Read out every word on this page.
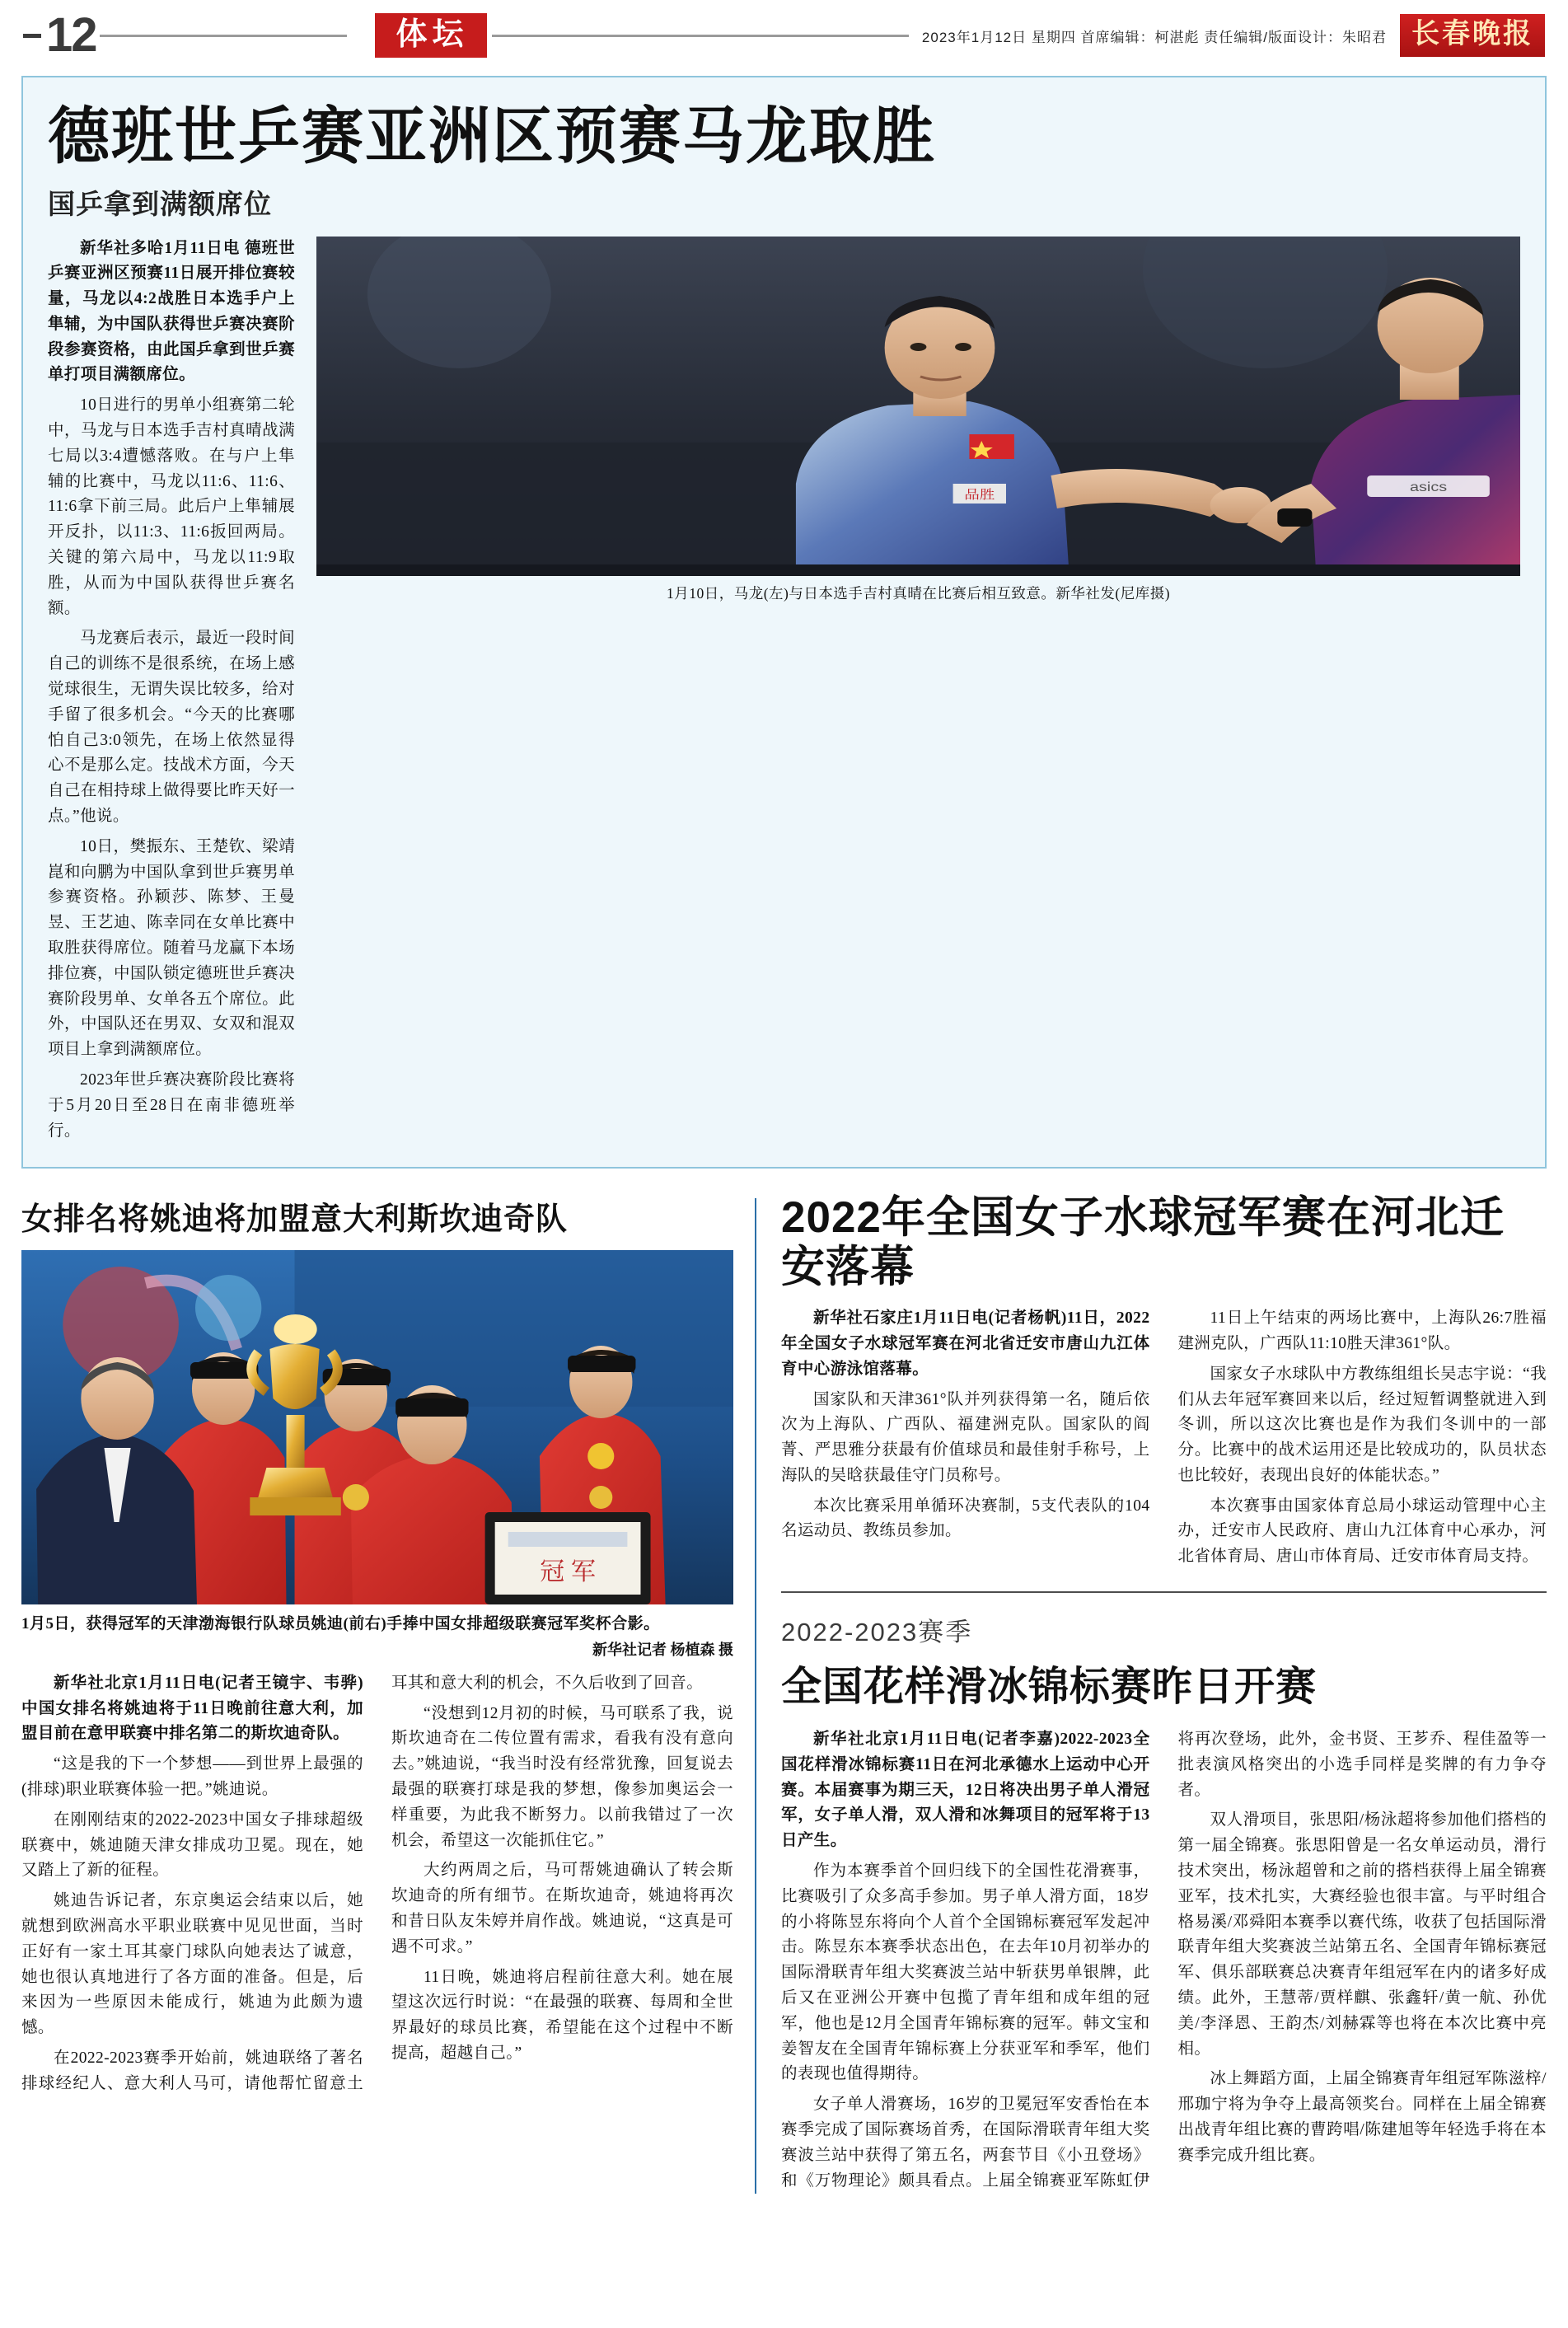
12	体坛	2023年1月12日 星期四 首席编辑：柯湛彪 责任编辑/版面设计：朱昭君 长春晚报
德班世乒赛亚洲区预赛马龙取胜
国乒拿到满额席位

新华社多哈1月11日电 德班世乒赛亚洲区预赛11日展开排位赛较量，马龙以4:2战胜日本选手户上隼辅，为中国队获得世乒赛决赛阶段参赛资格，由此国乒拿到世乒赛单打项目满额席位。

10日进行的男单小组赛第二轮中，马龙与日本选手吉村真晴战满七局以3:4遭憾落败。在与户上隼辅的比赛中，马龙以11:6、11:6、11:6拿下前三局。此后户上隼辅展开反扑，以11:3、11:6扳回两局。关键的第六局中，马龙以11:9取胜，从而为中国队获得世乒赛名额。

马龙赛后表示，最近一段时间自己的训练不是很系统，在场上感觉球很生，无谓失误比较多，给对手留了很多机会。“今天的比赛哪怕自己3:0领先，在场上依然显得心不是那么定。技战术方面，今天自己在相持球上做得要比昨天好一点。”他说。

10日，樊振东、王楚钦、梁靖崑和向鹏为中国队拿到世乒赛男单参赛资格。孙颖莎、陈梦、王曼昱、王艺迪、陈幸同在女单比赛中取胜获得席位。随着马龙赢下本场排位赛，中国队锁定德班世乒赛决赛阶段男单、女单各五个席位。此外，中国队还在男双、女双和混双项目上拿到满额席位。

2023年世乒赛决赛阶段比赛将于5月20日至28日在南非德班举行。

品胜
asics
1月10日，马龙(左)与日本选手吉村真晴在比赛后相互致意。新华社发(尼库摄)
女排名将姚迪将加盟意大利斯坎迪奇队
冠 军
1月5日，获得冠军的天津渤海银行队球员姚迪(前右)手捧中国女排超级联赛冠军奖杯合影。
新华社记者 杨植森 摄

新华社北京1月11日电(记者王镜宇、韦骅)中国女排名将姚迪将于11日晚前往意大利，加盟目前在意甲联赛中排名第二的斯坎迪奇队。

“这是我的下一个梦想——到世界上最强的(排球)职业联赛体验一把。”姚迪说。

在刚刚结束的2022-2023中国女子排球超级联赛中，姚迪随天津女排成功卫冕。现在，她又踏上了新的征程。

姚迪告诉记者，东京奥运会结束以后，她就想到欧洲高水平职业联赛中见见世面，当时正好有一家土耳其豪门球队向她表达了诚意，她也很认真地进行了各方面的准备。但是，后来因为一些原因未能成行，姚迪为此颇为遗憾。

在2022-2023赛季开始前，姚迪联络了著名排球经纪人、意大利人马可，请他帮忙留意土耳其和意大利的机会，不久后收到了回音。

“没想到12月初的时候，马可联系了我，说斯坎迪奇在二传位置有需求，看我有没有意向去。”姚迪说，“我当时没有经常犹豫，回复说去最强的联赛打球是我的梦想，像参加奥运会一样重要，为此我不断努力。以前我错过了一次机会，希望这一次能抓住它。”

大约两周之后，马可帮姚迪确认了转会斯坎迪奇的所有细节。在斯坎迪奇，姚迪将再次和昔日队友朱婷并肩作战。姚迪说，“这真是可遇不可求。”

11日晚，姚迪将启程前往意大利。她在展望这次远行时说：“在最强的联赛、每周和全世界最好的球员比赛，希望能在这个过程中不断提高，超越自己。”

2022年全国女子水球冠军赛在河北迁安落幕

新华社石家庄1月11日电(记者杨帆)11日，2022年全国女子水球冠军赛在河北省迁安市唐山九江体育中心游泳馆落幕。

国家队和天津361°队并列获得第一名，随后依次为上海队、广西队、福建洲克队。国家队的阎菁、严思雅分获最有价值球员和最佳射手称号，上海队的吴晗获最佳守门员称号。

本次比赛采用单循环决赛制，5支代表队的104名运动员、教练员参加。

11日上午结束的两场比赛中，上海队26:7胜福建洲克队，广西队11:10胜天津361°队。

国家女子水球队中方教练组组长吴志宇说：“我们从去年冠军赛回来以后，经过短暂调整就进入到冬训，所以这次比赛也是作为我们冬训中的一部分。比赛中的战术运用还是比较成功的，队员状态也比较好，表现出良好的体能状态。”

本次赛事由国家体育总局小球运动管理中心主办，迁安市人民政府、唐山九江体育中心承办，河北省体育局、唐山市体育局、迁安市体育局支持。

2022-2023赛季
全国花样滑冰锦标赛昨日开赛

新华社北京1月11日电(记者李嘉)2022-2023全国花样滑冰锦标赛11日在河北承德水上运动中心开赛。本届赛事为期三天，12日将决出男子单人滑冠军，女子单人滑，双人滑和冰舞项目的冠军将于13日产生。

作为本赛季首个回归线下的全国性花滑赛事，比赛吸引了众多高手参加。男子单人滑方面，18岁的小将陈昱东将向个人首个全国锦标赛冠军发起冲击。陈昱东本赛季状态出色，在去年10月初举办的国际滑联青年组大奖赛波兰站中斩获男单银牌，此后又在亚洲公开赛中包揽了青年组和成年组的冠军，他也是12月全国青年锦标赛的冠军。韩文宝和姜智友在全国青年锦标赛上分获亚军和季军，他们的表现也值得期待。

女子单人滑赛场，16岁的卫冕冠军安香怡在本赛季完成了国际赛场首秀，在国际滑联青年组大奖赛波兰站中获得了第五名，两套节目《小丑登场》和《万物理论》颇具看点。上届全锦赛亚军陈虹伊将再次登场，此外，金书贤、王芗乔、程佳盈等一批表演风格突出的小选手同样是奖牌的有力争夺者。

双人滑项目，张思阳/杨泳超将参加他们搭档的第一届全锦赛。张思阳曾是一名女单运动员，滑行技术突出，杨泳超曾和之前的搭档获得上届全锦赛亚军，技术扎实，大赛经验也很丰富。与平时组合格易溪/邓舜阳本赛季以赛代练，收获了包括国际滑联青年组大奖赛波兰站第五名、全国青年锦标赛冠军、俱乐部联赛总决赛青年组冠军在内的诸多好成绩。此外，王慧蒂/贾样麒、张鑫轩/黄一航、孙优美/李泽恩、王韵杰/刘赫霖等也将在本次比赛中亮相。

冰上舞蹈方面，上届全锦赛青年组冠军陈滋梓/邢珈宁将为争夺上最高领奖台。同样在上届全锦赛出战青年组比赛的曹跨唱/陈建旭等年轻选手将在本赛季完成升组比赛。
